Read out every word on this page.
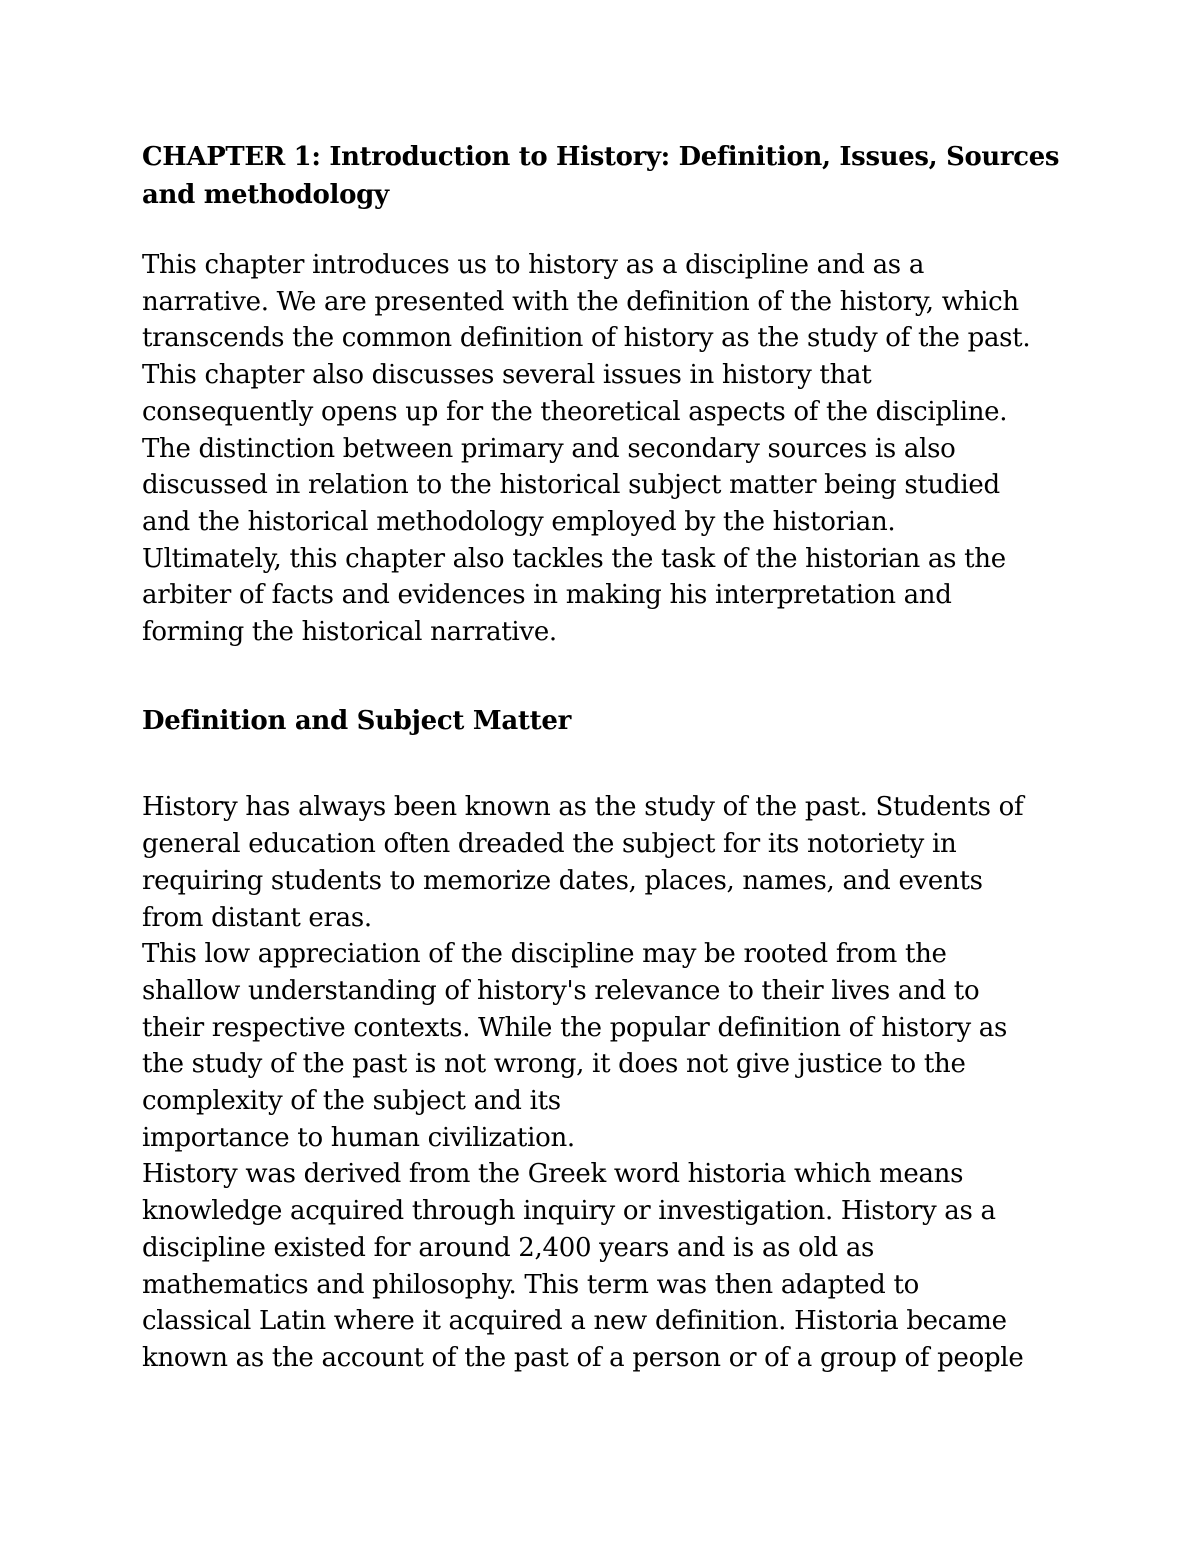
CHAPTER 1: Introduction to History: Definition, Issues, Sources
and methodology
This chapter introduces us to history as a discipline and as a
narrative. We are presented with the definition of the history, which
transcends the common definition of history as the study of the past.
This chapter also discusses several issues in history that
consequently opens up for the theoretical aspects of the discipline.
The distinction between primary and secondary sources is also
discussed in relation to the historical subject matter being studied
and the historical methodology employed by the historian.
Ultimately, this chapter also tackles the task of the historian as the
arbiter of facts and evidences in making his interpretation and
forming the historical narrative.
Definition and Subject Matter
History has always been known as the study of the past. Students of
general education often dreaded the subject for its notoriety in
requiring students to memorize dates, places, names, and events
from distant eras.
This low appreciation of the discipline may be rooted from the
shallow understanding of history's relevance to their lives and to
their respective contexts. While the popular definition of history as
the study of the past is not wrong, it does not give justice to the
complexity of the subject and its
importance to human civilization.
History was derived from the Greek word historia which means
knowledge acquired through inquiry or investigation. History as a
discipline existed for around 2,400 years and is as old as
mathematics and philosophy. This term was then adapted to
classical Latin where it acquired a new definition. Historia became
known as the account of the past of a person or of a group of people
